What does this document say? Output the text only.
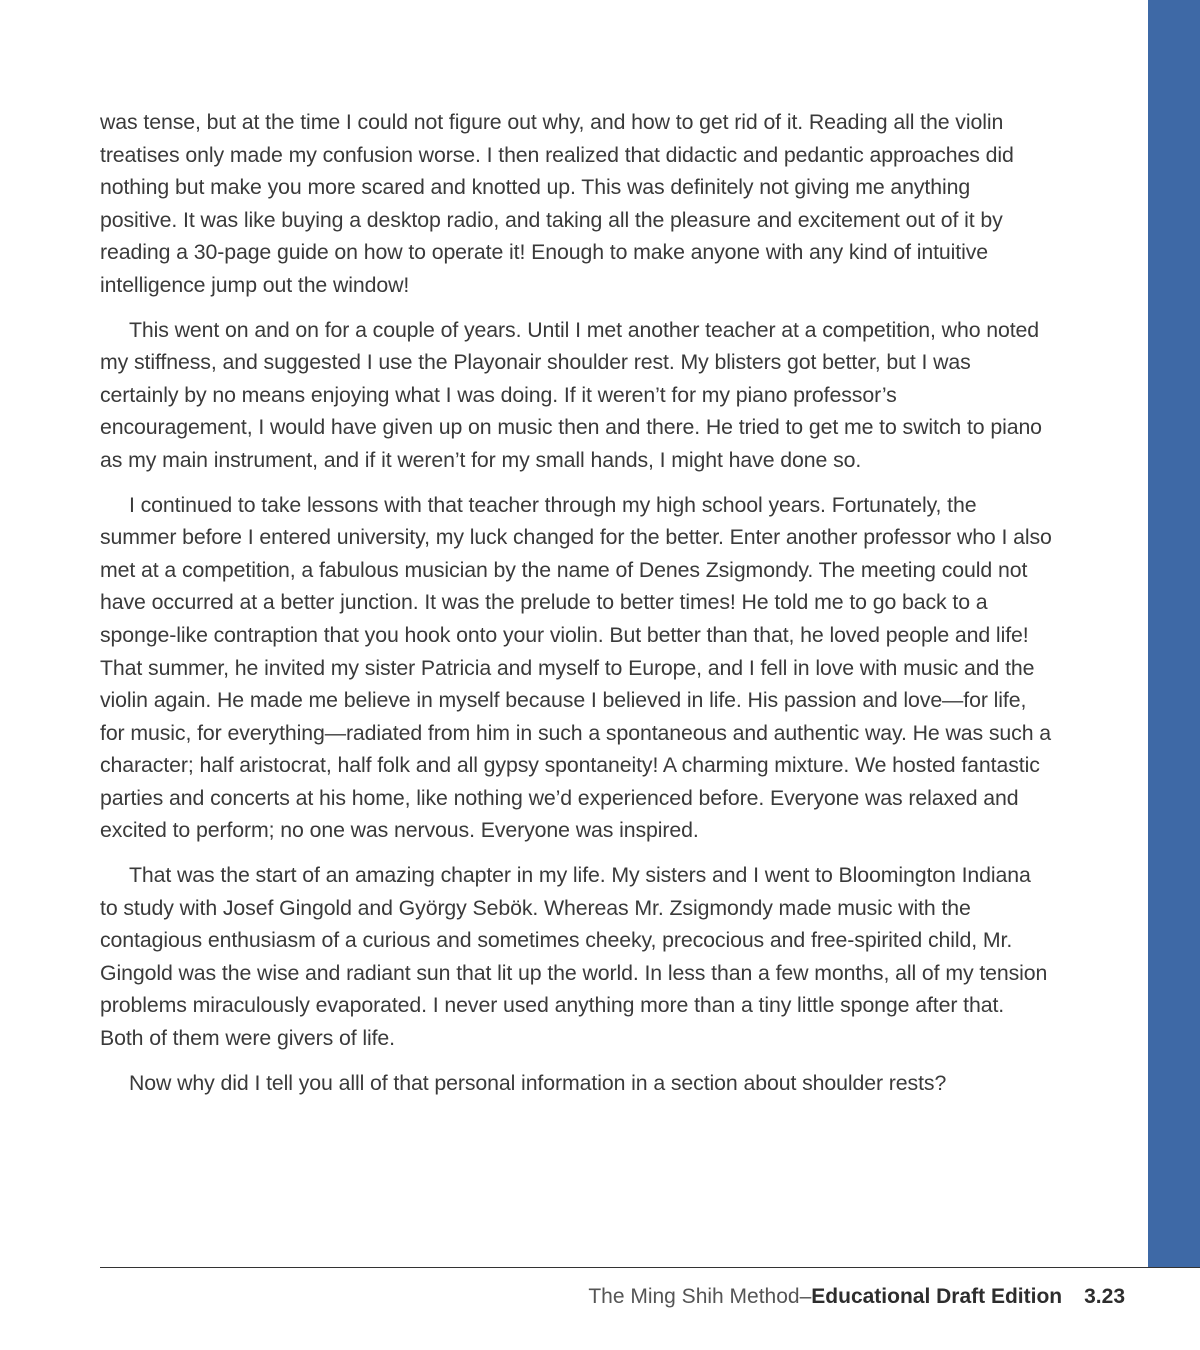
was tense, but at the time I could not figure out why, and how to get rid of it. Reading all the violin treatises only made my confusion worse. I then realized that didactic and pedantic approaches did nothing but make you more scared and knotted up. This was definitely not giving me anything positive. It was like buying a desktop radio, and taking all the pleasure and excitement out of it by reading a 30-page guide on how to operate it! Enough to make anyone with any kind of intuitive intelligence jump out the window!

This went on and on for a couple of years. Until I met another teacher at a competition, who noted my stiffness, and suggested I use the Playonair shoulder rest. My blisters got better, but I was certainly by no means enjoying what I was doing. If it weren’t for my piano professor’s encouragement, I would have given up on music then and there. He tried to get me to switch to piano as my main instrument, and if it weren’t for my small hands, I might have done so.

I continued to take lessons with that teacher through my high school years. Fortunately, the summer before I entered university, my luck changed for the better. Enter another professor who I also met at a competition, a fabulous musician by the name of Denes Zsigmondy. The meeting could not have occurred at a better junction. It was the prelude to better times! He told me to go back to a sponge-like contraption that you hook onto your violin. But better than that, he loved people and life! That summer, he invited my sister Patricia and myself to Europe, and I fell in love with music and the violin again. He made me believe in myself because I believed in life. His passion and love—for life, for music, for everything—radiated from him in such a spontaneous and authentic way. He was such a character; half aristocrat, half folk and all gypsy spontaneity! A charming mixture. We hosted fantastic parties and concerts at his home, like nothing we’d experienced before. Everyone was relaxed and excited to perform; no one was nervous. Everyone was inspired.

That was the start of an amazing chapter in my life. My sisters and I went to Bloomington Indiana to study with Josef Gingold and György Sebök. Whereas Mr. Zsigmondy made music with the contagious enthusiasm of a curious and sometimes cheeky, precocious and free-spirited child, Mr. Gingold was the wise and radiant sun that lit up the world. In less than a few months, all of my tension problems miraculously evaporated. I never used anything more than a tiny little sponge after that. Both of them were givers of life.

Now why did I tell you alll of that personal information in a section about shoulder rests?

The Ming Shih Method–Educational Draft Edition 3.23
